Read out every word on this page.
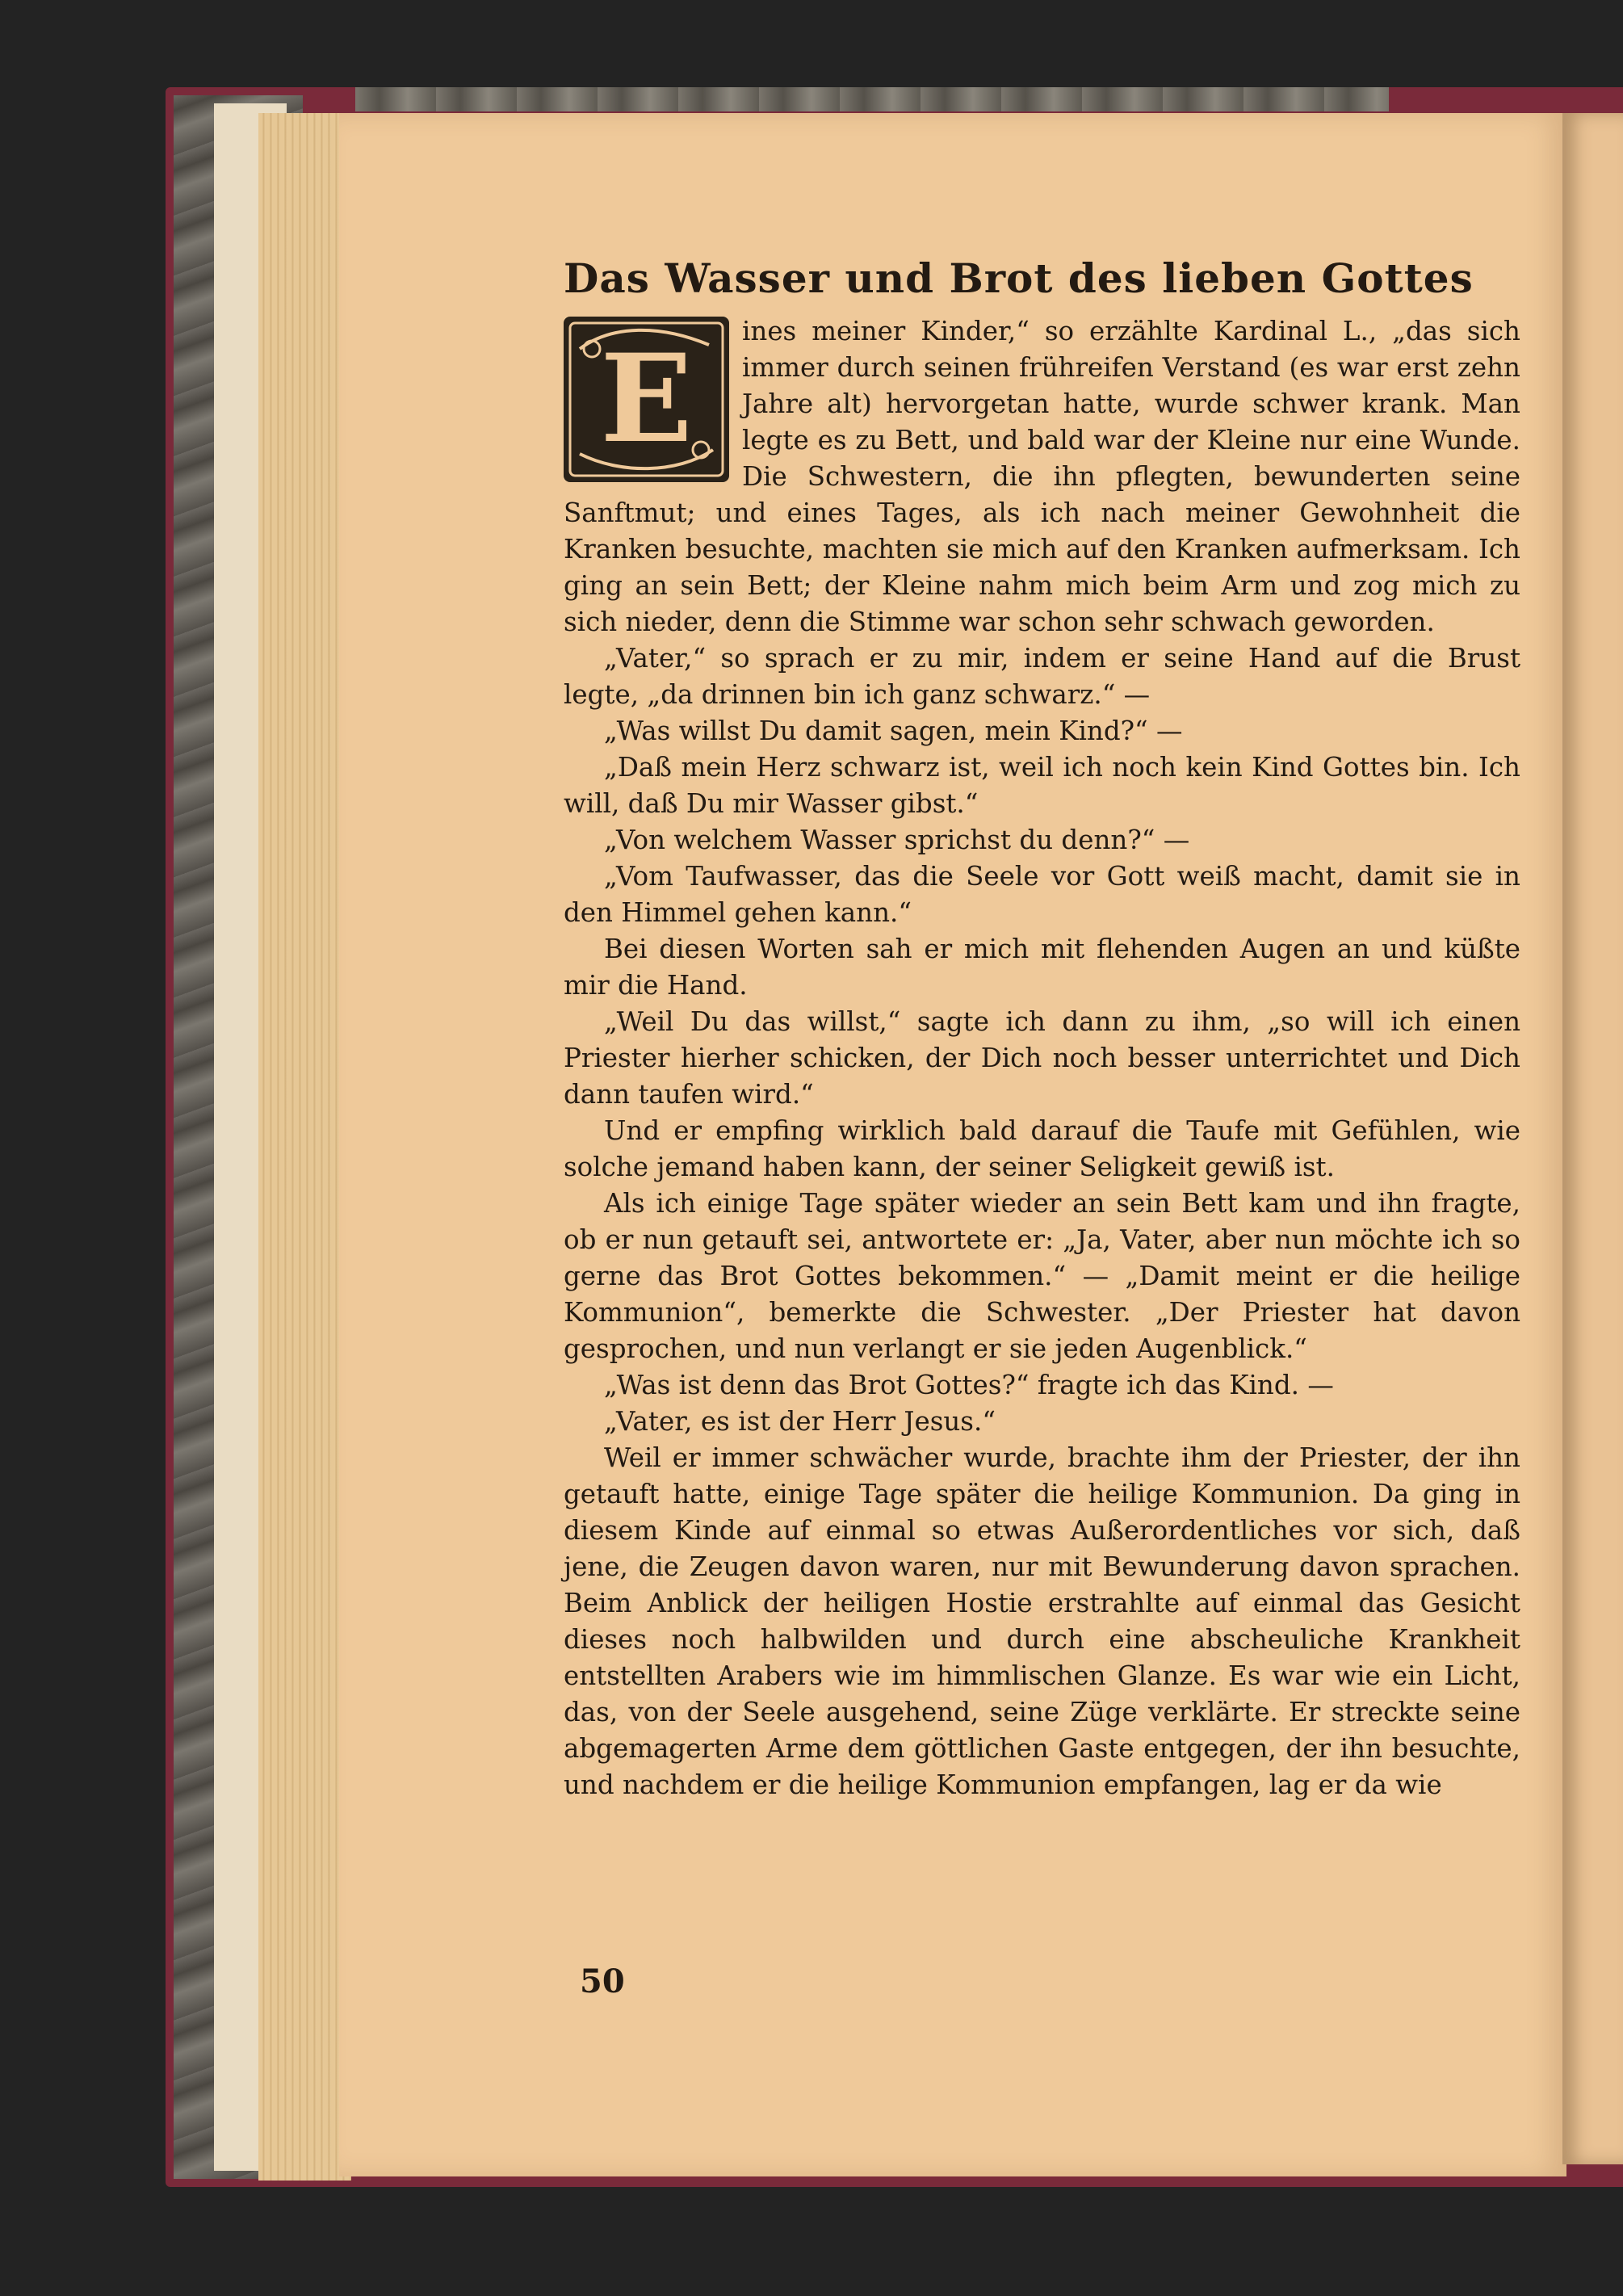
Das Wasser und Brot des lieben Gottes
E	ines meiner Kinder,“ so erzählte Kardinal L., „das sich immer durch seinen frühreifen Verstand (es war erst zehn Jahre alt) hervorgetan hatte, wurde schwer krank. Man legte es zu Bett, und bald war der Kleine nur eine Wunde. Die Schwestern, die ihn pflegten, bewunderten seine Sanftmut; und eines Tages, als ich nach meiner Gewohnheit die Kranken besuchte, machten sie mich auf den Kranken aufmerksam. Ich ging an sein Bett; der Kleine nahm mich beim Arm und zog mich zu sich nieder, denn die Stimme war schon sehr schwach geworden.

„Vater,“ so sprach er zu mir, indem er seine Hand auf die Brust legte, „da drinnen bin ich ganz schwarz.“ —

„Was willst Du damit sagen, mein Kind?“ —

„Daß mein Herz schwarz ist, weil ich noch kein Kind Gottes bin. Ich will, daß Du mir Wasser gibst.“

„Von welchem Wasser sprichst du denn?“ —

„Vom Taufwasser, das die Seele vor Gott weiß macht, damit sie in den Himmel gehen kann.“

Bei diesen Worten sah er mich mit flehenden Augen an und küßte mir die Hand.

„Weil Du das willst,“ sagte ich dann zu ihm, „so will ich einen Priester hierher schicken, der Dich noch besser unterrichtet und Dich dann taufen wird.“

Und er empfing wirklich bald darauf die Taufe mit Gefühlen, wie solche jemand haben kann, der seiner Seligkeit gewiß ist.

Als ich einige Tage später wieder an sein Bett kam und ihn fragte, ob er nun getauft sei, antwortete er: „Ja, Vater, aber nun möchte ich so gerne das Brot Gottes bekommen.“ — „Damit meint er die heilige Kommunion“, bemerkte die Schwester. „Der Priester hat davon gesprochen, und nun verlangt er sie jeden Augenblick.“

„Was ist denn das Brot Gottes?“ fragte ich das Kind. —

„Vater, es ist der Herr Jesus.“

Weil er immer schwächer wurde, brachte ihm der Priester, der ihn getauft hatte, einige Tage später die heilige Kommunion. Da ging in diesem Kinde auf einmal so etwas Außerordentliches vor sich, daß jene, die Zeugen davon waren, nur mit Bewunderung davon sprachen. Beim Anblick der heiligen Hostie erstrahlte auf einmal das Gesicht dieses noch halbwilden und durch eine abscheuliche Krankheit entstellten Arabers wie im himmlischen Glanze. Es war wie ein Licht, das, von der Seele ausgehend, seine Züge verklärte. Er streckte seine abgemagerten Arme dem göttlichen Gaste entgegen, der ihn besuchte, und nachdem er die heilige Kommunion empfangen, lag er da wie

50
